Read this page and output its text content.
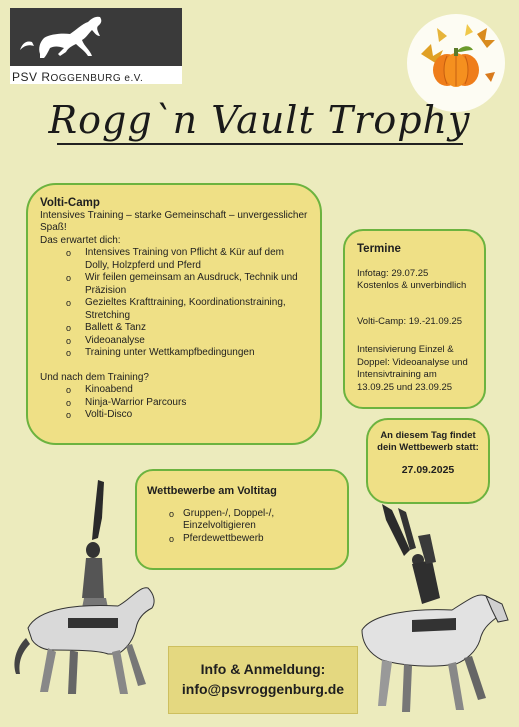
PSV ROGGENBURG e.V.
Rogg`n Vault Trophy
Volti-Camp
Intensives Training – starke Gemeinschaft – unvergesslicher Spaß!
Das erwartet dich:
o Intensives Training von Pflicht & Kür auf dem Dolly, Holzpferd und Pferd
o Wir feilen gemeinsam an Ausdruck, Technik und Präzision
o Gezieltes Krafttraining, Koordinationstraining, Stretching
o Ballett & Tanz
o Videoanalyse
o Training unter Wettkampfbedingungen
Und nach dem Training?
o Kinoabend
o Ninja-Warrior Parcours
o Volti-Disco
Termine

Infotag: 29.07.25

Kostenlos & unverbindlich

Volti-Camp: 19.-21.09.25

Intensivierung Einzel & Doppel: Videoanalyse und Intensivtraining am 13.09.25 und 23.09.25

An diesem Tag findet dein Wettbewerb statt:
27.09.2025
Wettbewerbe am Voltitag
o Gruppen-/, Doppel-/, Einzelvoltigieren
o Pferdewettbewerb
Info & Anmeldung:
info@psvroggenburg.de
